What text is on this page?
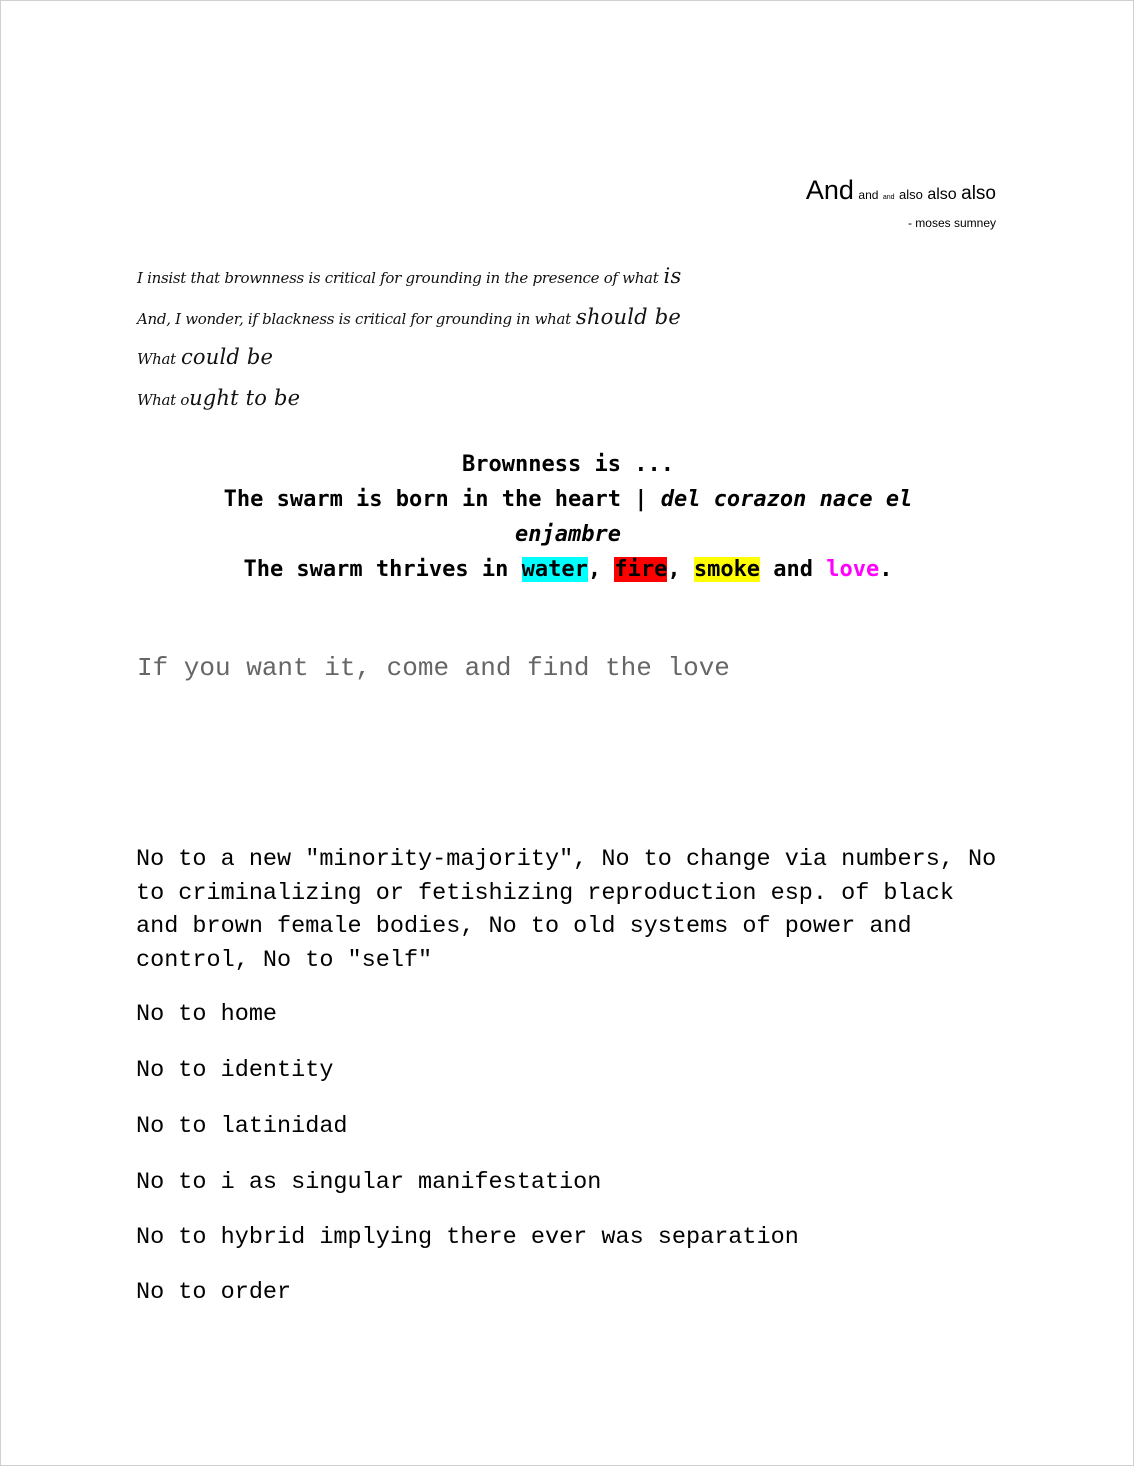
And and and also also also
- moses sumney
I insist that brownness is critical for grounding in the presence of what is
And, I wonder, if blackness is critical for grounding in what should be
What could be
What ought to be
Brownness is ...
The swarm is born in the heart | del corazon nace el enjambre
The swarm thrives in water, fire, smoke and love.
If you want it, come and find the love
No to a new "minority-majority", No to change via numbers, No to criminalizing or fetishizing reproduction esp. of black and brown female bodies, No to old systems of power and control, No to "self"
No to home
No to identity
No to latinidad
No to i as singular manifestation
No to hybrid implying there ever was separation
No to order
